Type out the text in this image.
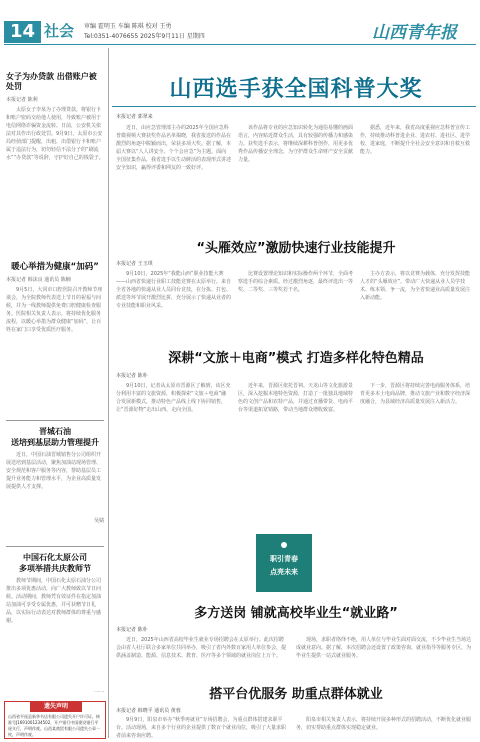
14 社会 审编 霍明玉 车编 陈琪 校对 王勇
Tel:0351-4076655 2025年9月11日 星期四	山西青年报
女子为办贷款 出借账户被处罚
本报记者 陈利
太原女子李某为了办理贷款，将银行卡和账户密码交给他人使用，导致账户被用于电信网络诈骗资金流转。日前，公安机关依法对其作出行政处罚。9月9日，太原市公安局经侦部门提醒，出租、出借银行卡和账户属于违法行为，切勿轻信不法分子的“刷流水”“办贷款”等说辞，守护好自己的钱袋子。
暖心举措为健康“加码”
本报记者 韩沫良 通讯员 陈楠
9月5日，大同市口腔医院召开教师节座谈会，为全院教师代表送上节日的祝福与问候，并为一线教师提供免费口腔健康检查服务。医院相关负责人表示，将持续优化服务流程，以暖心举措为群众健康“加码”，让百姓在家门口享受优质医疗服务。
晋城石油
送培到基层助力管理提升
近日，中国石油晋城销售分公司组织开展送培到基层活动，聚焦加油站现场管理、安全规范和客户服务等内容，帮助基层员工提升业务能力和管理水平，为企业高质量发展提供人才支撑。
吴婧
中国石化太原公司
多项举措共庆教师节
教师节期间，中国石化太原石油分公司推出多项优惠活动，向广大教师致以节日问候。活动期间，教师凭有效证件在指定加油站加油可享受专属优惠，并可获赠节日礼品，以实际行动表达对教师群体的尊重与感谢。
一一
遗失声明
山西省平遥县新华书店有限公司遗失开户许可证，核准号J1691001234502，开户银行中国建设银行平遥支行，声明作废。山西某商贸有限公司遗失公章一枚，声明作废。
山西选手获全国科普大奖
本报记者 郭翠来
近日，由应急管理部主办的2025年全国应急科普微视频大赛获奖作品名单揭晓，我省报送的作品在激烈的角逐中脱颖而出，荣获多项大奖。据了解，本届大赛以“人人讲安全、个个会应急”为主题，面向全国征集作品，我省选手以生动鲜活的表现形式讲述安全知识，赢得评委和网友的一致好评。
该作品将专业的应急知识转化为通俗易懂的画面语言，内容贴近群众生活，具有较强的传播力和感染力。获奖选手表示，将继续深耕科普创作，用更多优秀作品传播安全理念，为守护群众生命财产安全贡献力量。
据悉，近年来，我省高度重视应急科普宣传工作，持续推动科普进企业、进农村、进社区、进学校、进家庭，不断提升全社会安全意识和自救互救能力。
“头雁效应”激励快速行业技能提升
本报记者 王玉琪
9月10日，2025年“我能山西”职业技能大赛——山西省快递行业职工技能竞赛在太原举行。来自全省各地的快递从业人员同台竞技，在分拣、打包、派送等环节展开激烈比拼，充分展示了快递从业者的专业技能和职业风采。
比赛设置理论知识和实际操作两个环节，全面考察选手的综合素质。经过激烈角逐，最终评选出一等奖、二等奖、三等奖若干名。
主办方表示，将以竞赛为载体，充分发挥技能人才的“头雁效应”，带动广大快递从业人员学技术、练本领、争一流，为全省快递业高质量发展注入新动能。
深耕“文旅＋电商”模式 打造多样化特色精品
本报记者 陈朴
9月10日，记者从太原市晋源区了解到，该区充分利用丰富的文旅资源，积极探索“文旅＋电商”融合发展新模式，推动特色产品线上线下协同销售，让“晋源好物”走出山西、走向全国。
近年来，晋源区依托晋祠、天龙山等文化旅游景区，深入挖掘本地特色资源，打造了一批独具地域特色的文创产品和农特产品，并通过直播带货、电商平台等渠道拓宽销路，带动当地群众增收致富。
下一步，晋源区将持续完善电商服务体系，培育更多本土电商品牌，推动文旅产业和数字经济深度融合，为县域经济高质量发展注入新活力。
职引青春
点亮未来
多方送岗 铺就高校毕业生“就业路”
本报记者 陈朴
近日，2025年山西省高校毕业生就业专场招聘会在太原举行。此次招聘会由省人社厅联合多家单位共同举办，吸引了省内外数百家用人单位参会，提供涵盖制造、能源、信息技术、教育、医疗等多个领域的就业岗位上万个。
现场，求职者络绎不绝，用人单位与毕业生面对面交流，不少毕业生当场达成就业意向。据了解，本次招聘会还设置了政策咨询、就业指导等服务专区，为毕业生提供一站式就业服务。
搭平台优服务 助重点群体就业
本报记者 韩晓平 通讯员 黄蓉
9月9日，阳泉市举办“秋季再就业”专场招聘会，为重点群体搭建求职平台。活动现场，来自多个行业的企业提供了数百个就业岗位，吸引了大量求职者前来咨询应聘。
阳泉市相关负责人表示，将持续开展多种形式的招聘活动，不断优化就业服务，切实帮助重点群体实现稳定就业。
